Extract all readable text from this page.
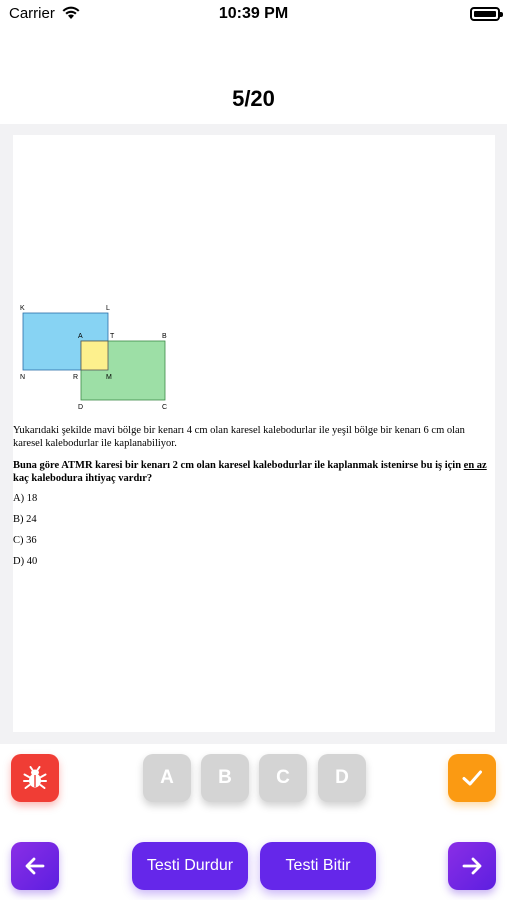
Carrier	10:39 PM
5/20
K	L
A	T	B
N	R	M
D	C

Yukarıdaki şekilde mavi bölge bir kenarı 4 cm olan karesel kalebodurlar ile yeşil bölge bir kenarı 6 cm olan karesel kalebodurlar ile kaplanabiliyor.

Buna göre ATMR karesi bir kenarı 2 cm olan karesel kalebodurlar ile kaplanmak istenirse bu iş için en az kaç kalebodura ihtiyaç vardır?

A) 18
B) 24
C) 36
D) 40
A	B	C	D
Testi Durdur	Testi Bitir
